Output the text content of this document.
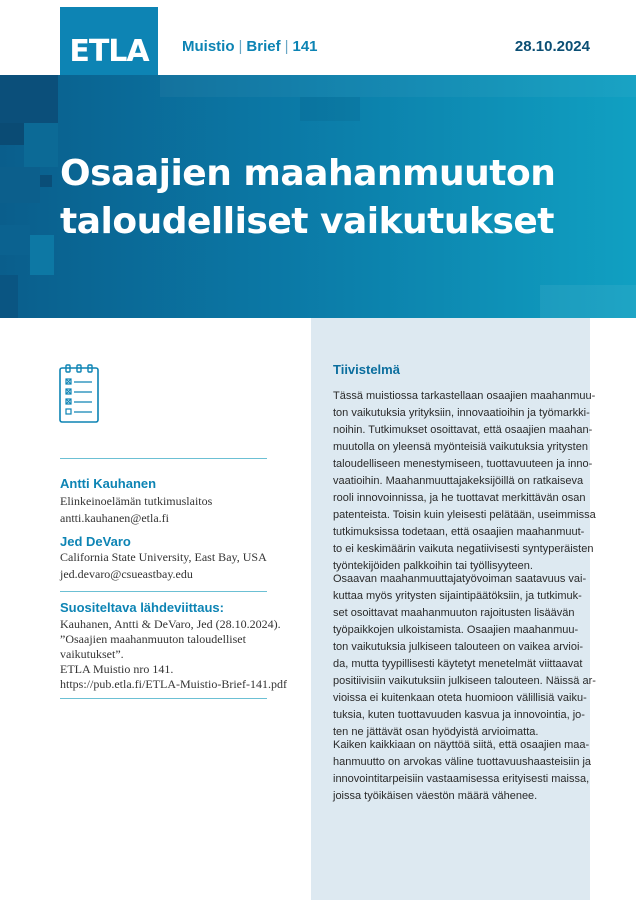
ETLA Muistio | Brief | 141	28.10.2024
Osaajien maahanmuuton
taloudelliset vaikutukset
Antti Kauhanen
Elinkeinoelämän tutkimuslaitos
antti.kauhanen@etla.fi
Jed DeVaro
California State University, East Bay, USA
jed.devaro@csueastbay.edu
Suositeltava lähdeviittaus:
Kauhanen, Antti & DeVaro, Jed (28.10.2024).
”Osaajien maahanmuuton taloudelliset
vaikutukset”.
ETLA Muistio nro 141.
https://pub.etla.fi/ETLA-Muistio-Brief-141.pdf
Tiivistelmä
Tässä muistiossa tarkastellaan osaajien maahanmuu-
ton vaikutuksia yrityksiin, innovaatioihin ja työmarkki-
noihin. Tutkimukset osoittavat, että osaajien maahan-
muutolla on yleensä myönteisiä vaikutuksia yritysten
taloudelliseen menestymiseen, tuottavuuteen ja inno-
vaatioihin. Maahanmuuttajakeksijöillä on ratkaiseva
rooli innovoinnissa, ja he tuottavat merkittävän osan
patenteista. Toisin kuin yleisesti pelätään, useimmissa
tutkimuksissa todetaan, että osaajien maahanmuut-
to ei keskimäärin vaikuta negatiivisesti syntyperäisten
työntekijöiden palkkoihin tai työllisyyteen.
Osaavan maahanmuuttajatyövoiman saatavuus vai-
kuttaa myös yritysten sijaintipäätöksiin, ja tutkimuk-
set osoittavat maahanmuuton rajoitusten lisäävän
työpaikkojen ulkoistamista. Osaajien maahanmuu-
ton vaikutuksia julkiseen talouteen on vaikea arvioi-
da, mutta tyypillisesti käytetyt menetelmät viittaavat
positiivisiin vaikutuksiin julkiseen talouteen. Näissä ar-
vioissa ei kuitenkaan oteta huomioon välillisiä vaiku-
tuksia, kuten tuottavuuden kasvua ja innovointia, jo-
ten ne jättävät osan hyödyistä arvioimatta.
Kaiken kaikkiaan on näyttöä siitä, että osaajien maa-
hanmuutto on arvokas väline tuottavuushaasteisiin ja
innovointitarpeisiin vastaamisessa erityisesti maissa,
joissa työikäisen väestön määrä vähenee.
